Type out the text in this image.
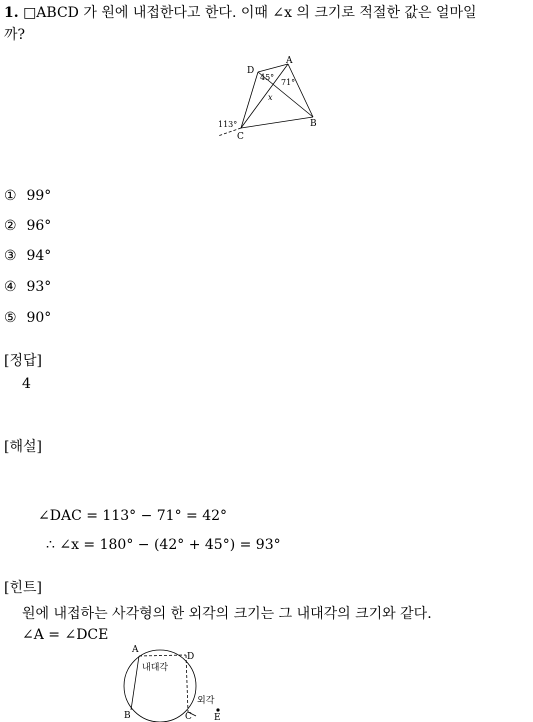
1. □ABCD 가 원에 내접한다고 한다. 이때 ∠x 의 크기로 적절한 값은 얼마일
까?
D
A
B
C
45°
71°
x
113°
① 99°
② 96°
③ 94°
④ 93°
⑤ 90°
[정답]
4
[해설]
∠DAC = 113° − 71° = 42°
∴ ∠x = 180° − (42° + 45°) = 93°
[힌트]
원에 내접하는 사각형의 한 외각의 크기는 그 내대각의 크기와 같다.
∠A = ∠DCE
A
D
B	C E
내대각
외각
